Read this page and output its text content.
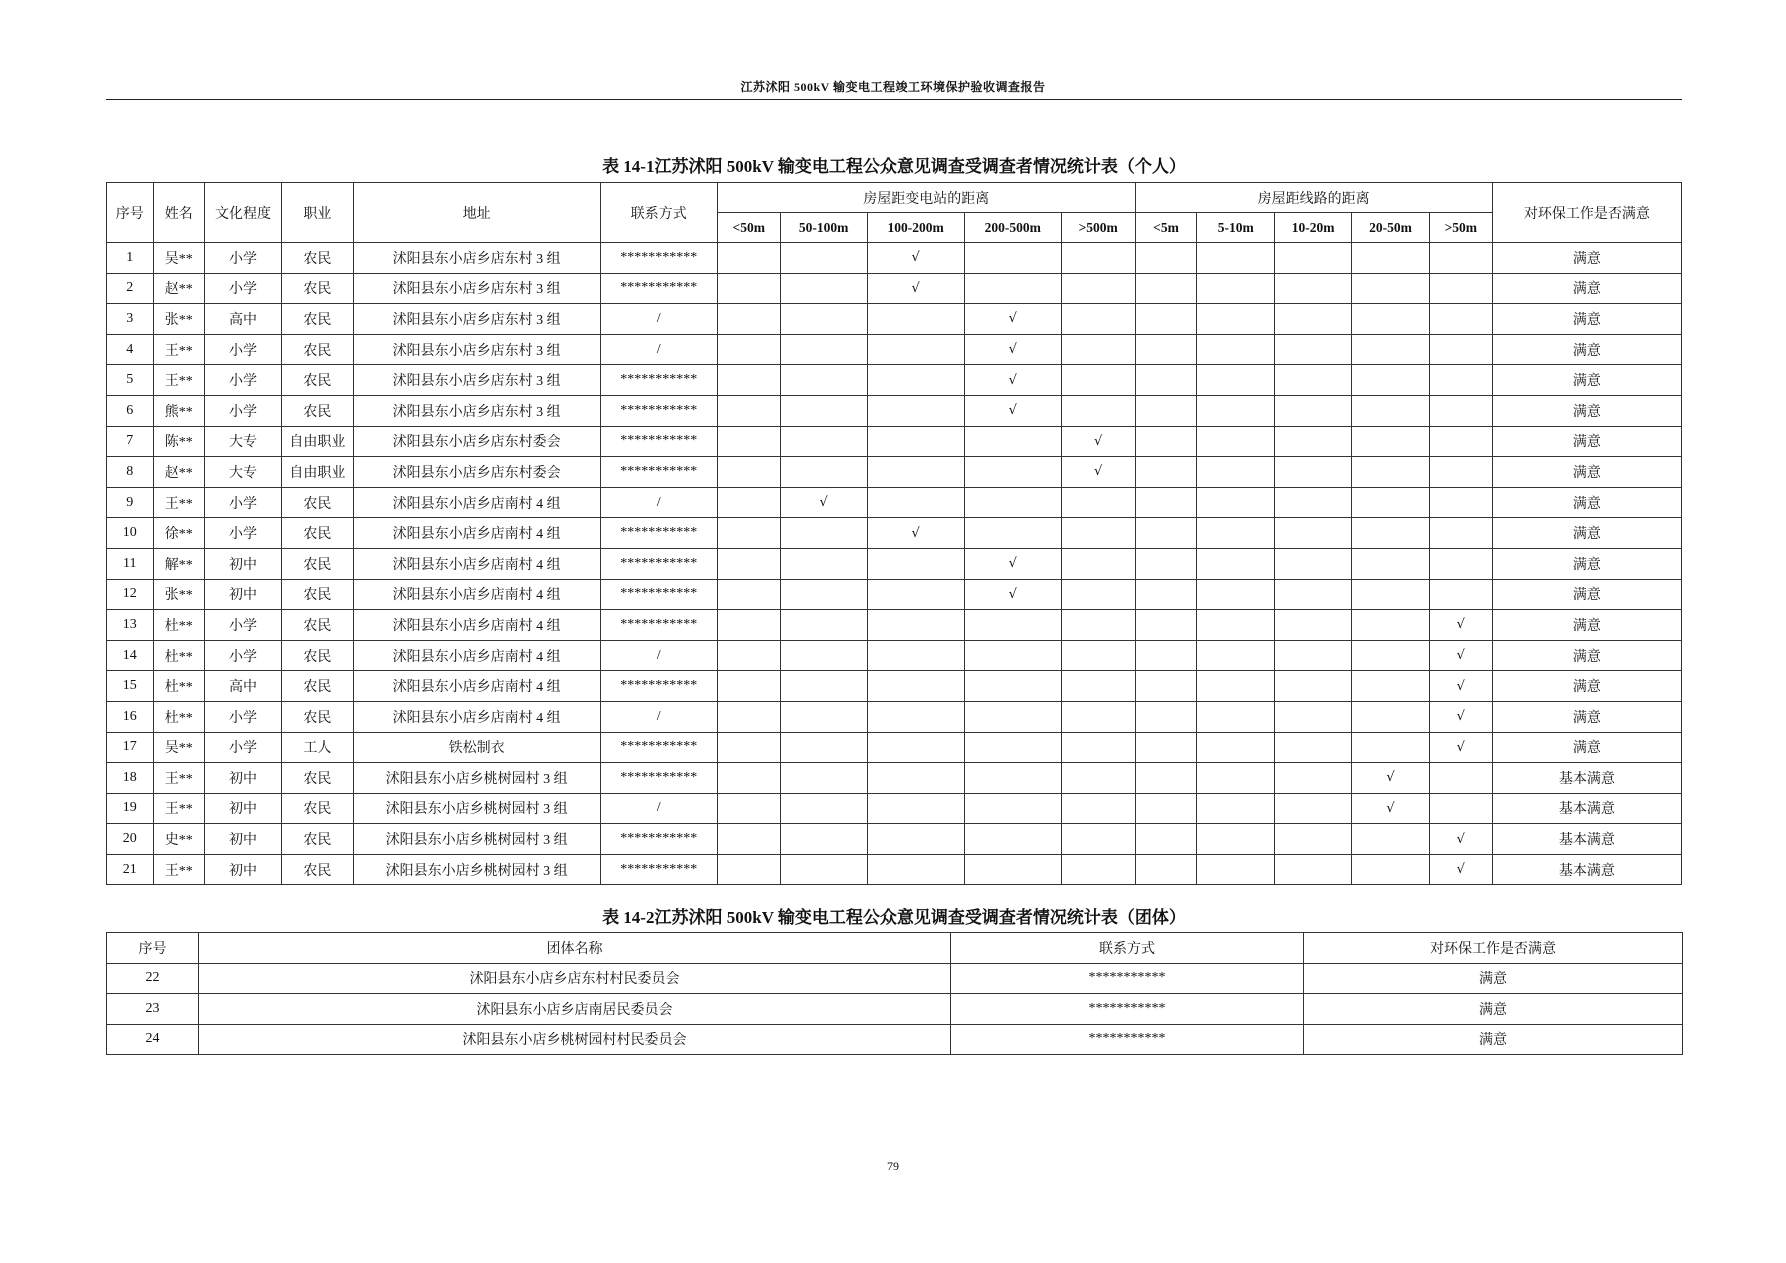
江苏沭阳 500kV 输变电工程竣工环境保护验收调查报告
表 14-1江苏沭阳 500kV 输变电工程公众意见调查受调查者情况统计表（个人）
序号	姓名	文化程度	职业	地址	联系方式	房屋距变电站的距离					房屋距线路的距离					对环保工作是否满意
						<50m	50-100m	100-200m	200-500m	>500m	<5m	5-10m	10-20m	20-50m	>50m	
1	吴**	小学	农民	沭阳县东小店乡店东村 3 组	***********			√								满意
2	赵**	小学	农民	沭阳县东小店乡店东村 3 组	***********			√								满意
3	张**	高中	农民	沭阳县东小店乡店东村 3 组	/				√							满意
4	王**	小学	农民	沭阳县东小店乡店东村 3 组	/				√							满意
5	王**	小学	农民	沭阳县东小店乡店东村 3 组	***********				√							满意
6	熊**	小学	农民	沭阳县东小店乡店东村 3 组	***********				√							满意
7	陈**	大专	自由职业	沭阳县东小店乡店东村委会	***********					√						满意
8	赵**	大专	自由职业	沭阳县东小店乡店东村委会	***********					√						满意
9	王**	小学	农民	沭阳县东小店乡店南村 4 组	/		√									满意
10	徐**	小学	农民	沭阳县东小店乡店南村 4 组	***********			√								满意
11	解**	初中	农民	沭阳县东小店乡店南村 4 组	***********				√							满意
12	张**	初中	农民	沭阳县东小店乡店南村 4 组	***********				√							满意
13	杜**	小学	农民	沭阳县东小店乡店南村 4 组	***********										√	满意
14	杜**	小学	农民	沭阳县东小店乡店南村 4 组	/										√	满意
15	杜**	高中	农民	沭阳县东小店乡店南村 4 组	***********										√	满意
16	杜**	小学	农民	沭阳县东小店乡店南村 4 组	/										√	满意
17	吴**	小学	工人	铁松制衣	***********										√	满意
18	王**	初中	农民	沭阳县东小店乡桃树园村 3 组	***********									√		基本满意
19	王**	初中	农民	沭阳县东小店乡桃树园村 3 组	/									√		基本满意
20	史**	初中	农民	沭阳县东小店乡桃树园村 3 组	***********										√	基本满意
21	王**	初中	农民	沭阳县东小店乡桃树园村 3 组	***********										√	基本满意
表 14-2江苏沭阳 500kV 输变电工程公众意见调查受调查者情况统计表（团体）
序号	团体名称	联系方式	对环保工作是否满意
22	沭阳县东小店乡店东村村民委员会	***********	满意
23	沭阳县东小店乡店南居民委员会	***********	满意
24	沭阳县东小店乡桃树园村村民委员会	***********	满意
79
